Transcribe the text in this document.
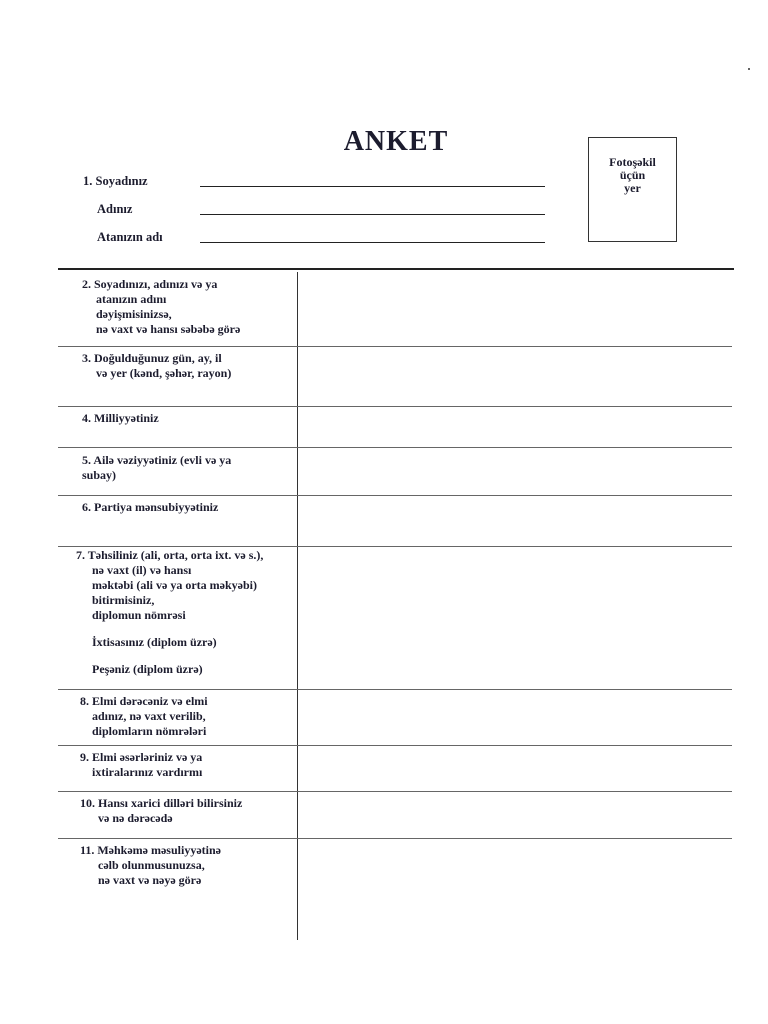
ANKET
1. Soyadınız
Adınız
Atanızın adı
Fotoşəkil
üçün
yer
2. Soyadınızı, adınızı və ya
atanızın adını
dəyişmisinizsə,
nə vaxt və hansı səbəbə görə
3. Doğulduğunuz gün, ay, il
və yer (kənd, şəhər, rayon)
4. Milliyyətiniz
5. Ailə vəziyyətiniz (evli və ya
subay)
6. Partiya mənsubiyyətiniz
7. Təhsiliniz (ali, orta, orta ixt. və s.),
nə vaxt (il) və hansı
məktəbi (ali və ya orta məkyəbi)
bitirmisiniz,
diplomun nömrəsi
İxtisasınız (diplom üzrə)
Peşəniz (diplom üzrə)
8. Elmi dərəcəniz və elmi
adınız, nə vaxt verilib,
diplomların nömrələri
9. Elmi əsərləriniz və ya
ixtiralarınız vardırmı
10. Hansı xarici dilləri bilirsiniz
və nə dərəcədə
11. Məhkəmə məsuliyyətinə
cəlb olunmusunuzsa,
nə vaxt və nəyə görə
